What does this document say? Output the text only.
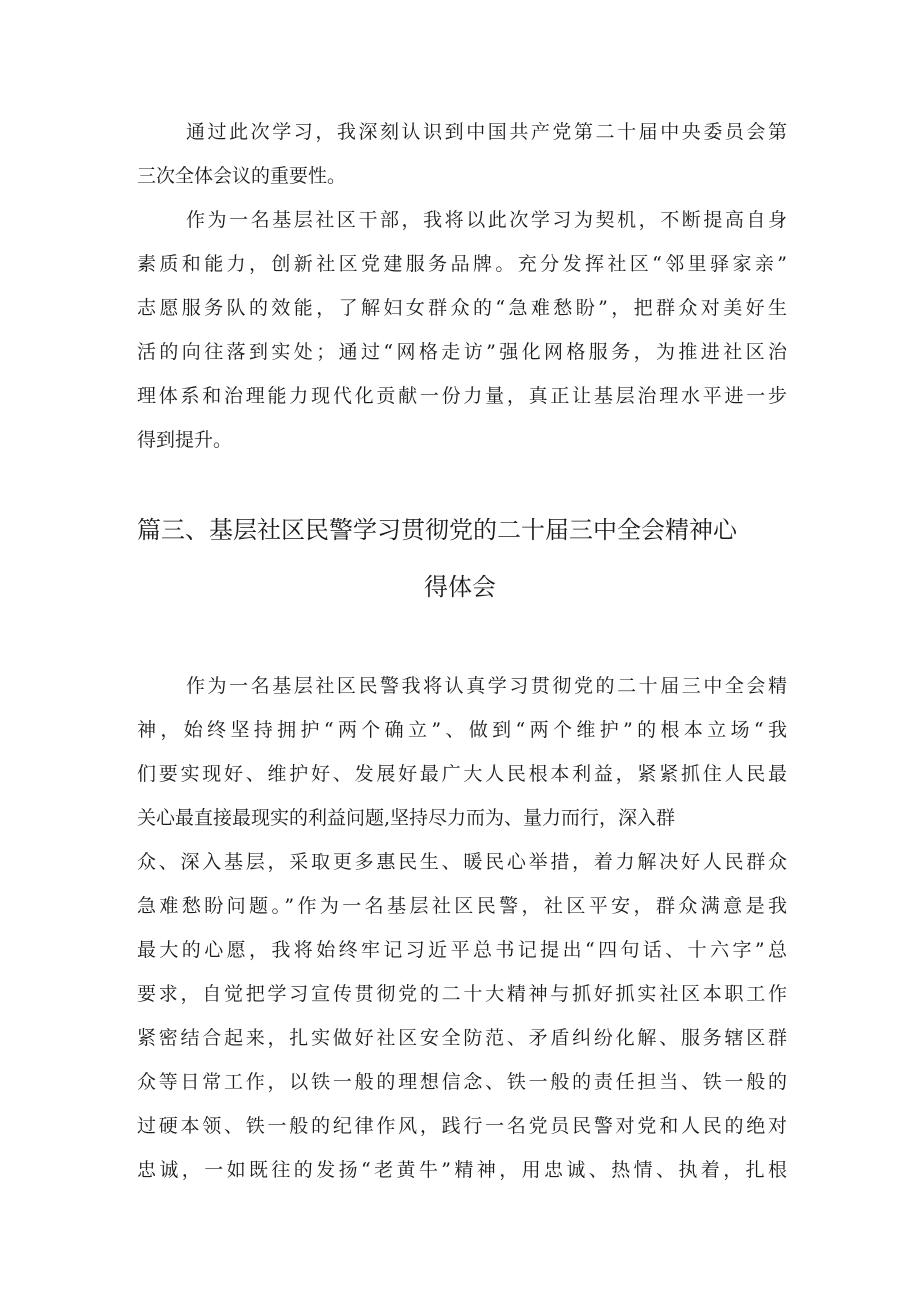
通过此次学习，我深刻认识到中国共产党第二十届中央委员会第
三次全体会议的重要性。
作为一名基层社区干部，我将以此次学习为契机，不断提高自身
素质和能力，创新社区党建服务品牌。充分发挥社区“邻里驿家亲”
志愿服务队的效能，了解妇女群众的“急难愁盼”，把群众对美好生
活的向往落到实处；通过“网格走访”强化网格服务，为推进社区治
理体系和治理能力现代化贡献一份力量，真正让基层治理水平进一步
得到提升。
篇三、基层社区民警学习贯彻党的二十届三中全会精神心
得体会
作为一名基层社区民警我将认真学习贯彻党的二十届三中全会精
神，始终坚持拥护“两个确立”、做到“两个维护”的根本立场“我
们要实现好、维护好、发展好最广大人民根本利益，紧紧抓住人民最
关心最直接最现实的利益问题,坚持尽力而为、量力而行，深入群
众、深入基层，采取更多惠民生、暖民心举措，着力解决好人民群众
急难愁盼问题。”作为一名基层社区民警，社区平安，群众满意是我
最大的心愿，我将始终牢记习近平总书记提出“四句话、十六字”总
要求，自觉把学习宣传贯彻党的二十大精神与抓好抓实社区本职工作
紧密结合起来，扎实做好社区安全防范、矛盾纠纷化解、服务辖区群
众等日常工作，以铁一般的理想信念、铁一般的责任担当、铁一般的
过硬本领、铁一般的纪律作风，践行一名党员民警对党和人民的绝对
忠诚，一如既往的发扬“老黄牛”精神，用忠诚、热情、执着，扎根
